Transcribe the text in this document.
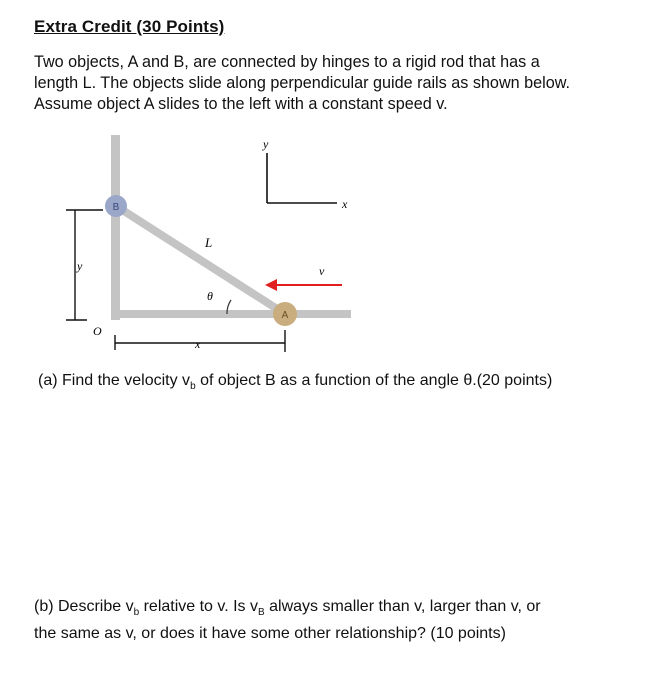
Extra Credit (30 Points)
Two objects, A and B, are connected by hinges to a rigid rod that has a
length L. The objects slide along perpendicular guide rails as shown below.
Assume object A slides to the left with a constant speed v.
B
A
L
θ
v
y
x
y
O
x
(a) Find the velocity $v_b$ of object B as a function of the angle θ.(20 points)
(b) Describe $v_b$ relative to v. Is $v_B$ always smaller than v, larger than v, or
the same as v, or does it have some other relationship? (10 points)
